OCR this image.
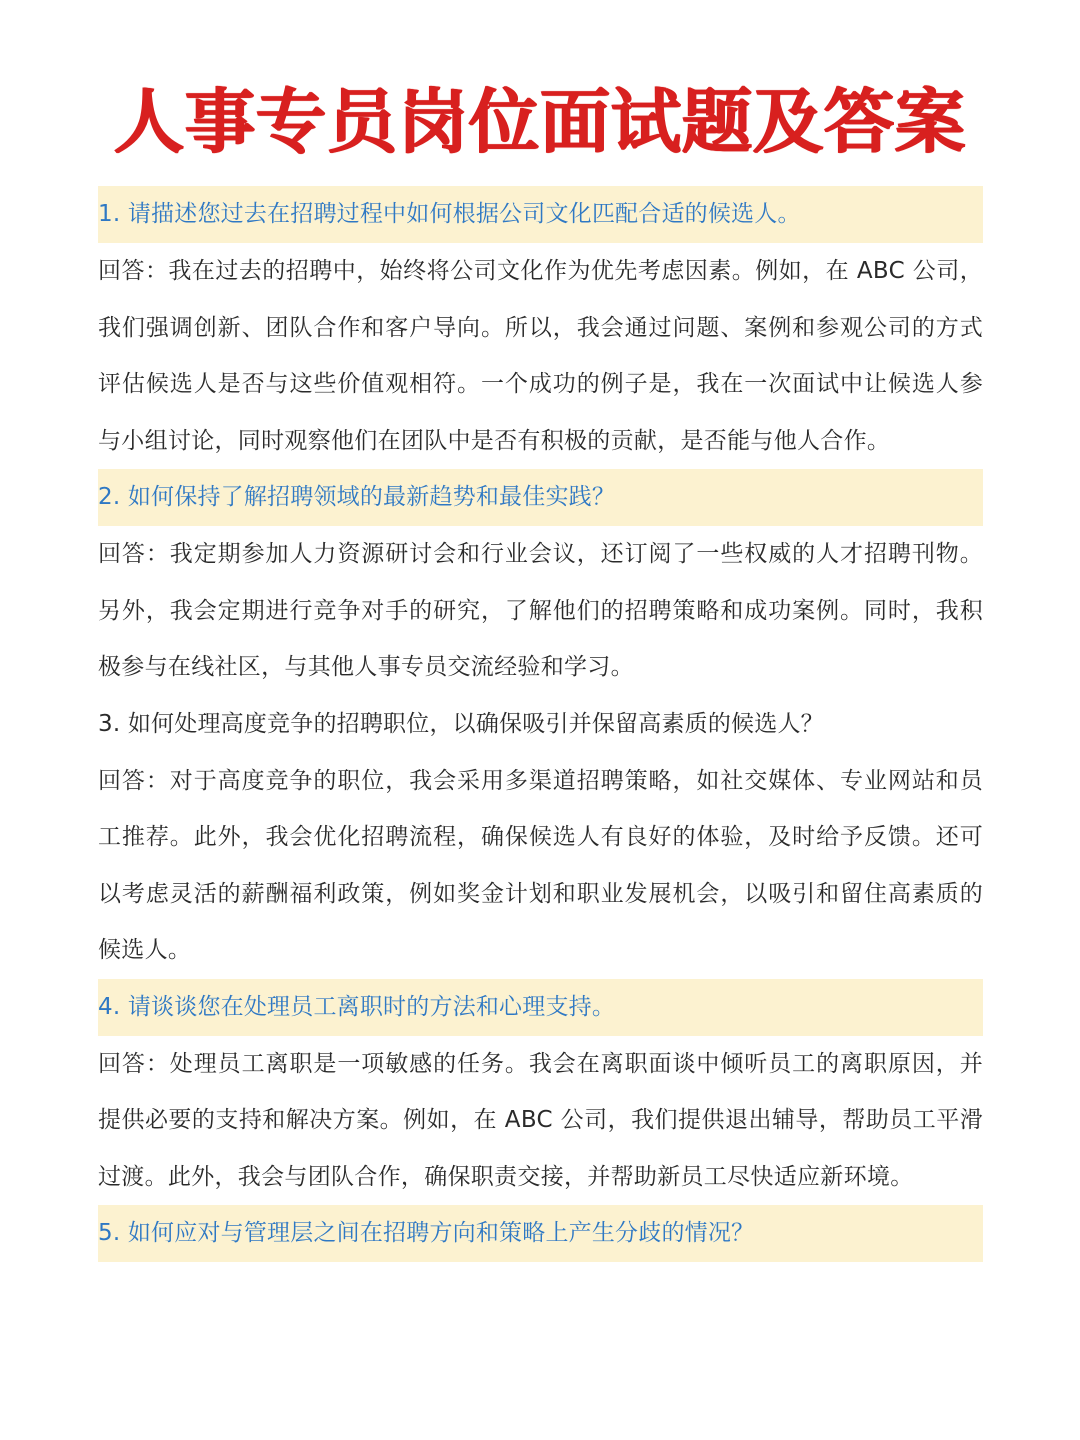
人事专员岗位面试题及答案
1. 请描述您过去在招聘过程中如何根据公司文化匹配合适的候选人。
回答：我在过去的招聘中，始终将公司文化作为优先考虑因素。例如，在 ABC 公司，我们强调创新、团队合作和客户导向。所以，我会通过问题、案例和参观公司的方式评估候选人是否与这些价值观相符。一个成功的例子是，我在一次面试中让候选人参与小组讨论，同时观察他们在团队中是否有积极的贡献，是否能与他人合作。
2. 如何保持了解招聘领域的最新趋势和最佳实践？
回答：我定期参加人力资源研讨会和行业会议，还订阅了一些权威的人才招聘刊物。另外，我会定期进行竞争对手的研究，了解他们的招聘策略和成功案例。同时，我积极参与在线社区，与其他人事专员交流经验和学习。
3. 如何处理高度竞争的招聘职位，以确保吸引并保留高素质的候选人？
回答：对于高度竞争的职位，我会采用多渠道招聘策略，如社交媒体、专业网站和员工推荐。此外，我会优化招聘流程，确保候选人有良好的体验，及时给予反馈。还可以考虑灵活的薪酬福利政策，例如奖金计划和职业发展机会，以吸引和留住高素质的候选人。
4. 请谈谈您在处理员工离职时的方法和心理支持。
回答：处理员工离职是一项敏感的任务。我会在离职面谈中倾听员工的离职原因，并提供必要的支持和解决方案。例如，在 ABC 公司，我们提供退出辅导，帮助员工平滑过渡。此外，我会与团队合作，确保职责交接，并帮助新员工尽快适应新环境。
5. 如何应对与管理层之间在招聘方向和策略上产生分歧的情况？
